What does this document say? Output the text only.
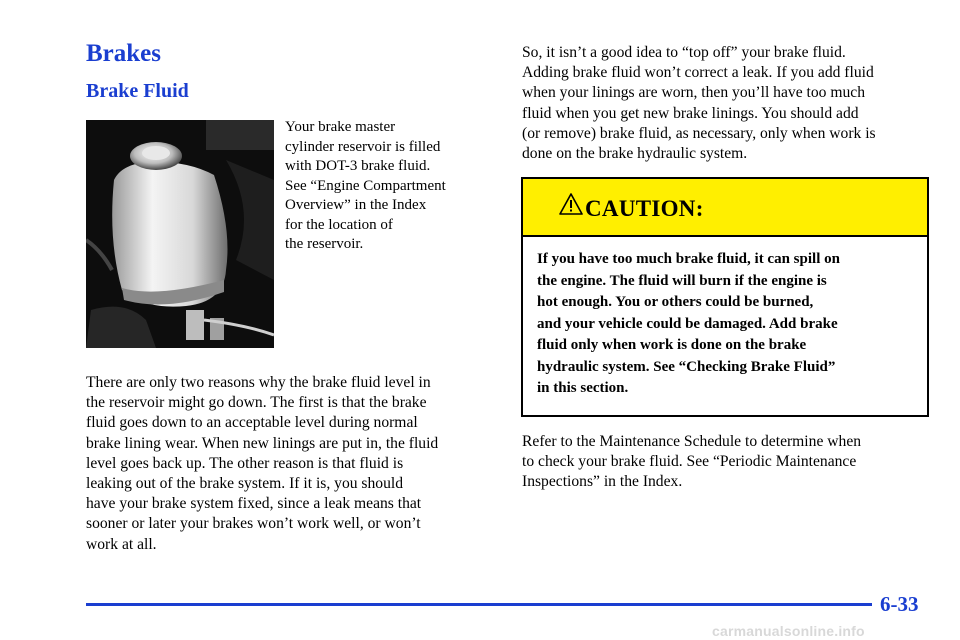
Brakes
Brake Fluid
Your brake master
cylinder reservoir is filled
with DOT-3 brake fluid.
See “Engine Compartment
Overview” in the Index
for the location of
the reservoir.
There are only two reasons why the brake fluid level in
the reservoir might go down. The first is that the brake
fluid goes down to an acceptable level during normal
brake lining wear. When new linings are put in, the fluid
level goes back up. The other reason is that fluid is
leaking out of the brake system. If it is, you should
have your brake system fixed, since a leak means that
sooner or later your brakes won’t work well, or won’t
work at all.
So, it isn’t a good idea to “top off” your brake fluid.
Adding brake fluid won’t correct a leak. If you add fluid
when your linings are worn, then you’ll have too much
fluid when you get new brake linings. You should add
(or remove) brake fluid, as necessary, only when work is
done on the brake hydraulic system.
CAUTION:
If you have too much brake fluid, it can spill on
the engine. The fluid will burn if the engine is
hot enough. You or others could be burned,
and your vehicle could be damaged. Add brake
fluid only when work is done on the brake
hydraulic system. See “Checking Brake Fluid”
in this section.
Refer to the Maintenance Schedule to determine when
to check your brake fluid. See “Periodic Maintenance
Inspections” in the Index.
6-33
carmanualsonline.info
